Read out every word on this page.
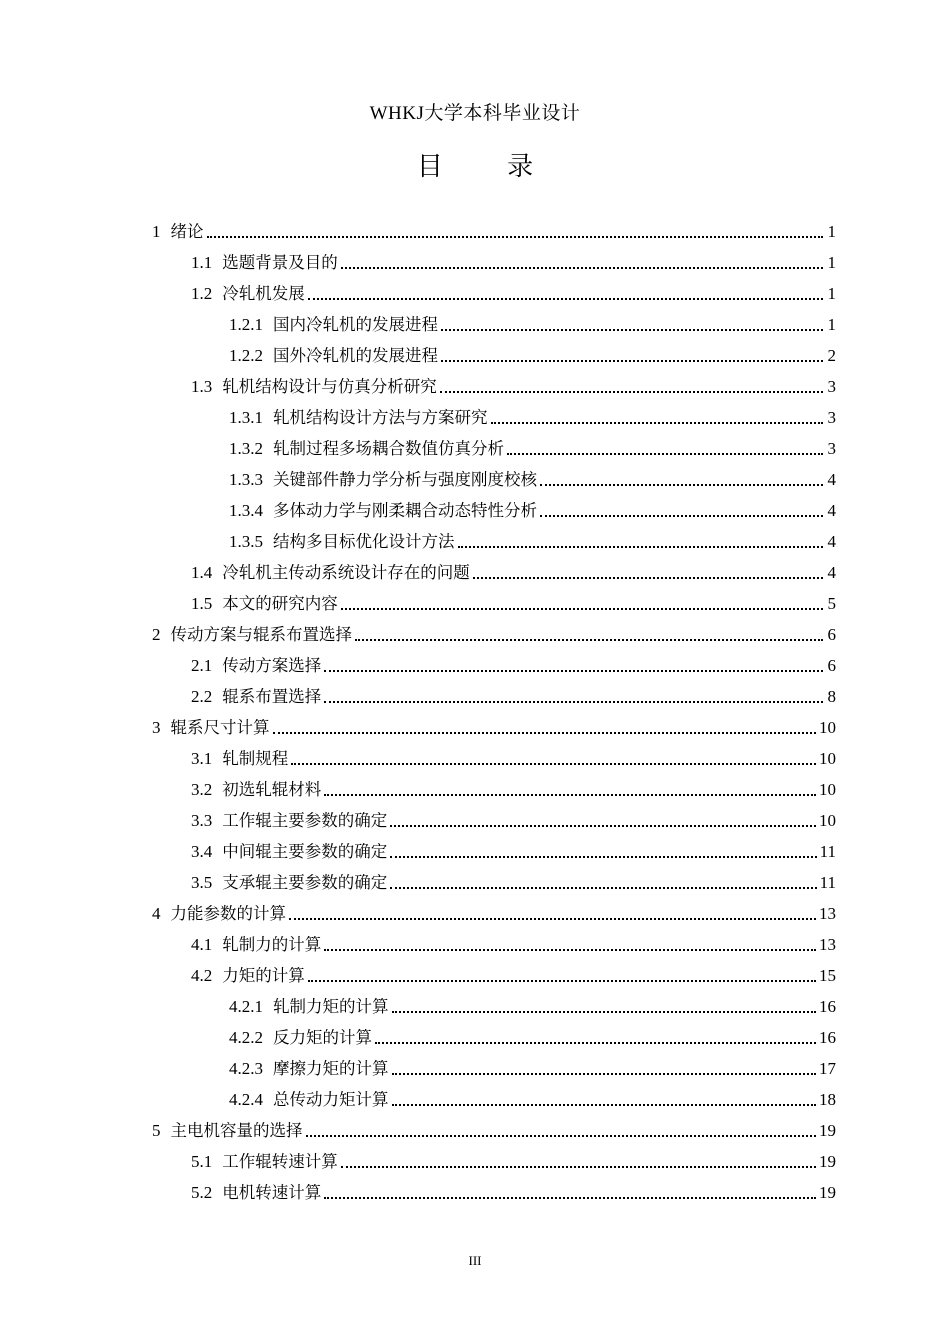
WHKJ大学本科毕业设计
目 录
1 绪论	1
1.1 选题背景及目的	1
1.2 冷轧机发展	1
1.2.1 国内冷轧机的发展进程	1
1.2.2 国外冷轧机的发展进程	2
1.3 轧机结构设计与仿真分析研究	3
1.3.1 轧机结构设计方法与方案研究	3
1.3.2 轧制过程多场耦合数值仿真分析	3
1.3.3 关键部件静力学分析与强度刚度校核	4
1.3.4 多体动力学与刚柔耦合动态特性分析	4
1.3.5 结构多目标优化设计方法	4
1.4 冷轧机主传动系统设计存在的问题	4
1.5 本文的研究内容	5
2 传动方案与辊系布置选择	6
2.1 传动方案选择	6
2.2 辊系布置选择	8
3 辊系尺寸计算	10
3.1 轧制规程	10
3.2 初选轧辊材料	10
3.3 工作辊主要参数的确定	10
3.4 中间辊主要参数的确定	11
3.5 支承辊主要参数的确定	11
4 力能参数的计算	13
4.1 轧制力的计算	13
4.2 力矩的计算	15
4.2.1 轧制力矩的计算	16
4.2.2 反力矩的计算	16
4.2.3 摩擦力矩的计算	17
4.2.4 总传动力矩计算	18
5 主电机容量的选择	19
5.1 工作辊转速计算	19
5.2 电机转速计算	19
III
